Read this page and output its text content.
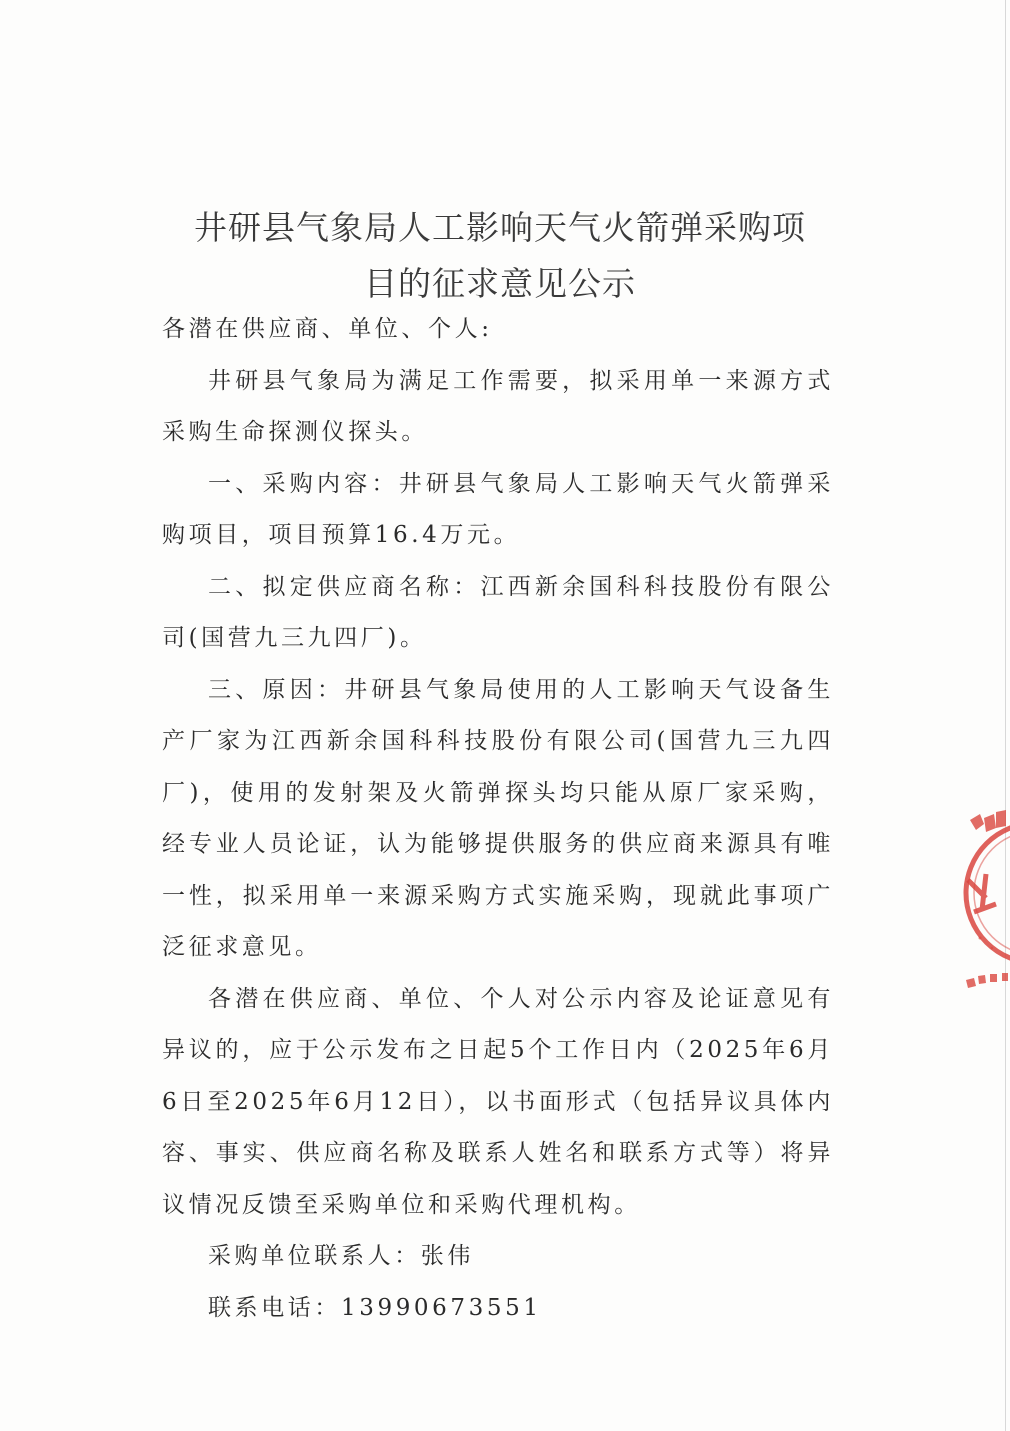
井研县气象局人工影响天气火箭弹采购项
目的征求意见公示

各潜在供应商、单位、个人:

井研县气象局为满足工作需要，拟采用单一来源方式采购生命探测仪探头。

一、采购内容：井研县气象局人工影响天气火箭弹采购项目，项目预算16.4万元。

二、拟定供应商名称：江西新余国科科技股份有限公司(国营九三九四厂)。

三、原因：井研县气象局使用的人工影响天气设备生产厂家为江西新余国科科技股份有限公司(国营九三九四厂)，使用的发射架及火箭弹探头均只能从原厂家采购，经专业人员论证，认为能够提供服务的供应商来源具有唯一性，拟采用单一来源采购方式实施采购，现就此事项广泛征求意见。

各潜在供应商、单位、个人对公示内容及论证意见有异议的，应于公示发布之日起5个工作日内（2025年6月6日至2025年6月12日），以书面形式（包括异议具体内容、事实、供应商名称及联系人姓名和联系方式等）将异议情况反馈至采购单位和采购代理机构。

采购单位联系人：张伟

联系电话：13990673551
